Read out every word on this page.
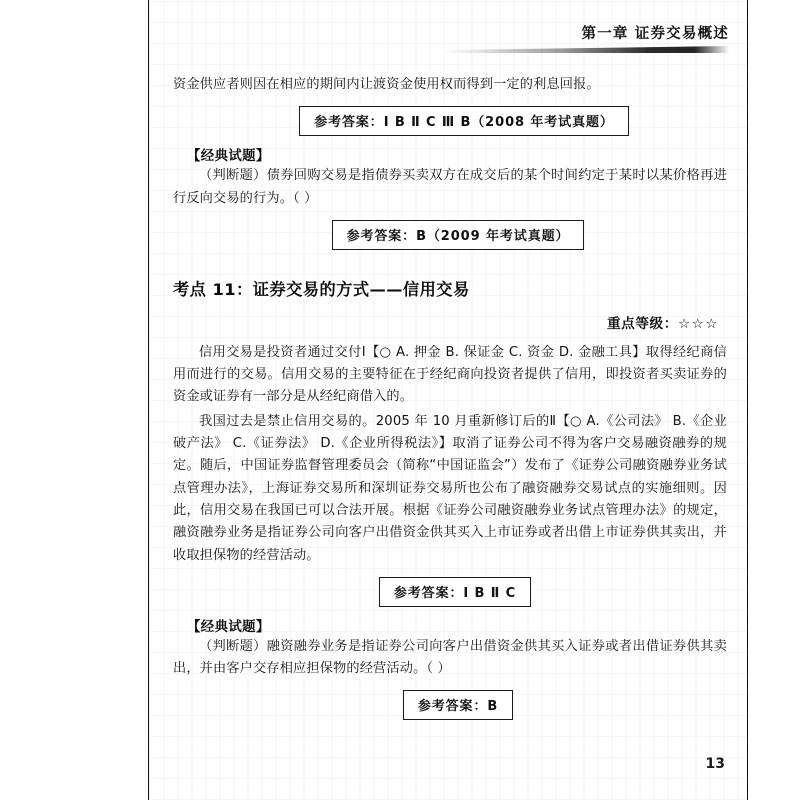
第一章 证券交易概述

资金供应者则因在相应的期间内让渡资金使用权而得到一定的利息回报。

参考答案：Ⅰ B Ⅱ C Ⅲ B（2008 年考试真题）
【经典试题】

（判断题）债券回购交易是指债券买卖双方在成交后的某个时间约定于某时以某价格再进行反向交易的行为。（ ）

参考答案：B（2009 年考试真题）
考点 11：证券交易的方式——信用交易
重点等级：☆☆☆

信用交易是投资者通过交付Ⅰ【○ A. 押金 B. 保证金 C. 资金 D. 金融工具】取得经纪商信用而进行的交易。信用交易的主要特征在于经纪商向投资者提供了信用，即投资者买卖证券的资金或证券有一部分是从经纪商借入的。

我国过去是禁止信用交易的。2005 年 10 月重新修订后的Ⅱ【○ A.《公司法》 B.《企业破产法》 C.《证券法》 D.《企业所得税法》】取消了证券公司不得为客户交易融资融券的规定。随后，中国证券监督管理委员会（简称“中国证监会”）发布了《证券公司融资融券业务试点管理办法》，上海证券交易所和深圳证券交易所也公布了融资融券交易试点的实施细则。因此，信用交易在我国已可以合法开展。根据《证券公司融资融券业务试点管理办法》的规定，融资融券业务是指证券公司向客户出借资金供其买入上市证券或者出借上市证券供其卖出，并收取担保物的经营活动。

参考答案：Ⅰ B Ⅱ C
【经典试题】

（判断题）融资融券业务是指证券公司向客户出借资金供其买入证券或者出借证券供其卖出，并由客户交存相应担保物的经营活动。（ ）

参考答案：B
13
